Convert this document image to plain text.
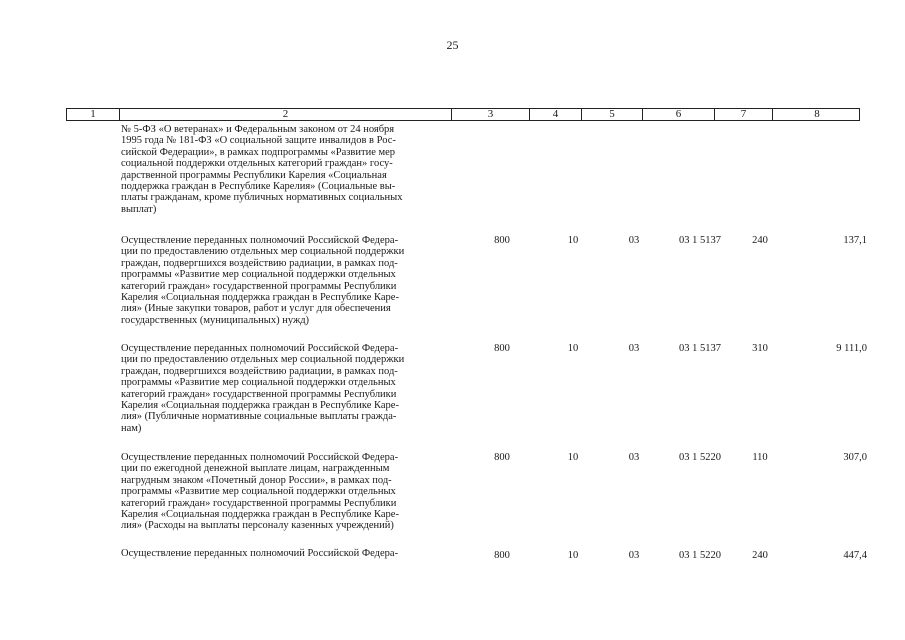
25
1	2	3	4	5	6	7	8
№ 5-ФЗ «О ветеранах» и Федеральным законом от 24 ноября
1995 года № 181-ФЗ «О социальной защите инвалидов в Рос-
сийской Федерации», в рамках подпрограммы «Развитие мер
социальной поддержки отдельных категорий граждан» госу-
дарственной программы Республики Карелия «Социальная
поддержка граждан в Республике Карелия» (Социальные вы-
платы гражданам, кроме публичных нормативных социальных
выплат)
Осуществление переданных полномочий Российской Федера-
ции по предоставлению отдельных мер социальной поддержки
граждан, подвергшихся воздействию радиации, в рамках под-
программы «Развитие мер социальной поддержки отдельных
категорий граждан» государственной программы Республики
Карелия «Социальная поддержка граждан в Республике Каре-
лия» (Иные закупки товаров, работ и услуг для обеспечения
государственных (муниципальных) нужд)
800	10	03	03 1 5137	240	137,1
Осуществление переданных полномочий Российской Федера-
ции по предоставлению отдельных мер социальной поддержки
граждан, подвергшихся воздействию радиации, в рамках под-
программы «Развитие мер социальной поддержки отдельных
категорий граждан» государственной программы Республики
Карелия «Социальная поддержка граждан в Республике Каре-
лия» (Публичные нормативные социальные выплаты гражда-
нам)
800	10	03	03 1 5137	310	9 111,0
Осуществление переданных полномочий Российской Федера-
ции по ежегодной денежной выплате лицам, награжденным
нагрудным знаком «Почетный донор России», в рамках под-
программы «Развитие мер социальной поддержки отдельных
категорий граждан» государственной программы Республики
Карелия «Социальная поддержка граждан в Республике Каре-
лия» (Расходы на выплаты персоналу казенных учреждений)
800	10	03	03 1 5220	110	307,0
Осуществление переданных полномочий Российской Федера-	800	10	03	03 1 5220	240	447,4
